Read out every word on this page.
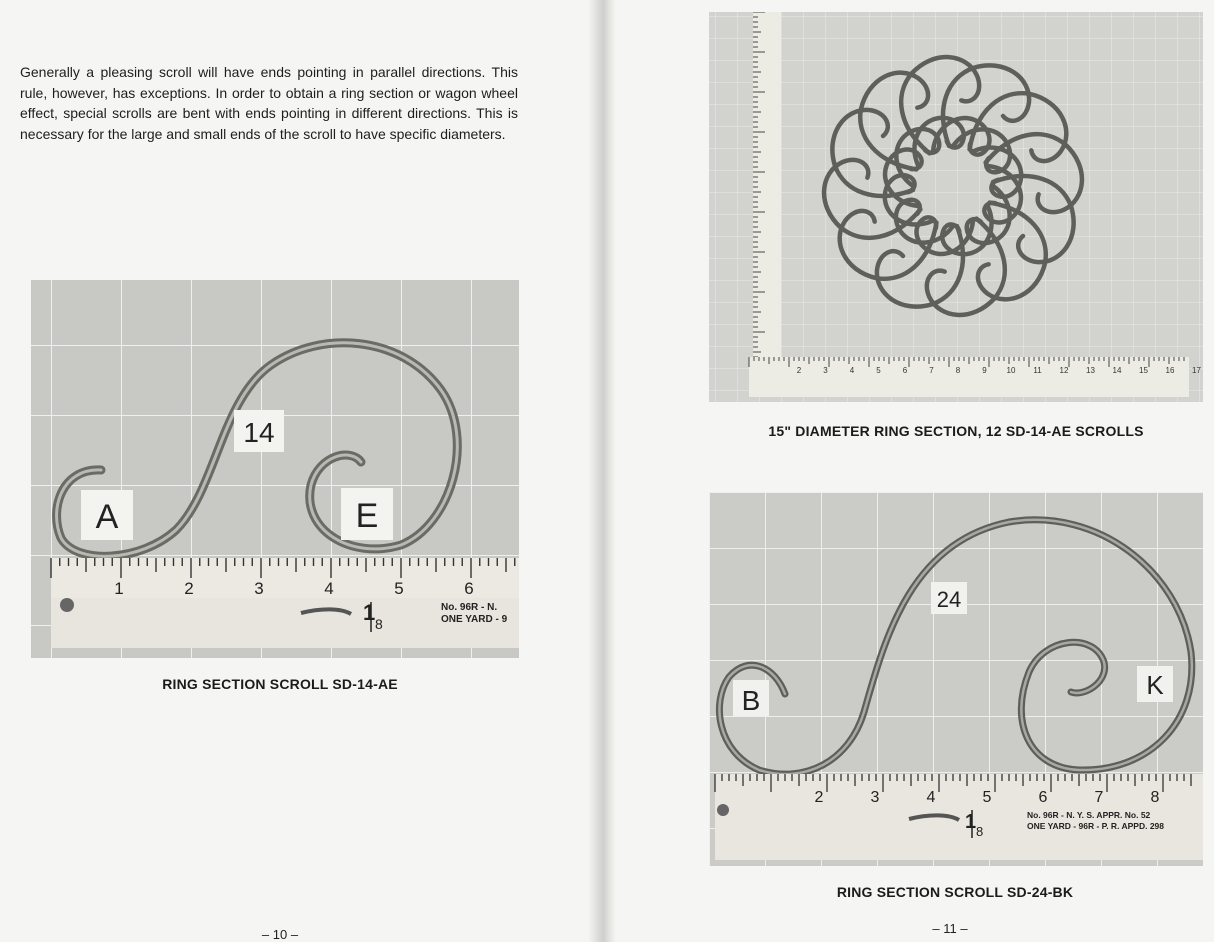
Generally a pleasing scroll will have ends pointing in parallel directions. This rule, however, has exceptions. In order to obtain a ring section or wagon wheel effect, special scrolls are bent with ends pointing in different directions. This is necessary for the large and small ends of the scroll to have specific diameters.

14
A	E
1	2	3	4	5	6
1 8
No. 96R - N.
ONE YARD - 9
RING SECTION SCROLL SD-14-AE
– 10 –
2	3	4	5	6	7	8	9 10 11 12 13 14 15 16 17
15" DIAMETER RING SECTION, 12 SD-14-AE SCROLLS
24
B	K
2	3	4	5	6	7	8
1 8
No. 96R - N. Y. S. APPR. No. 52
ONE YARD - 96R - P. R. APPD. 298
RING SECTION SCROLL SD-24-BK
– 11 –
